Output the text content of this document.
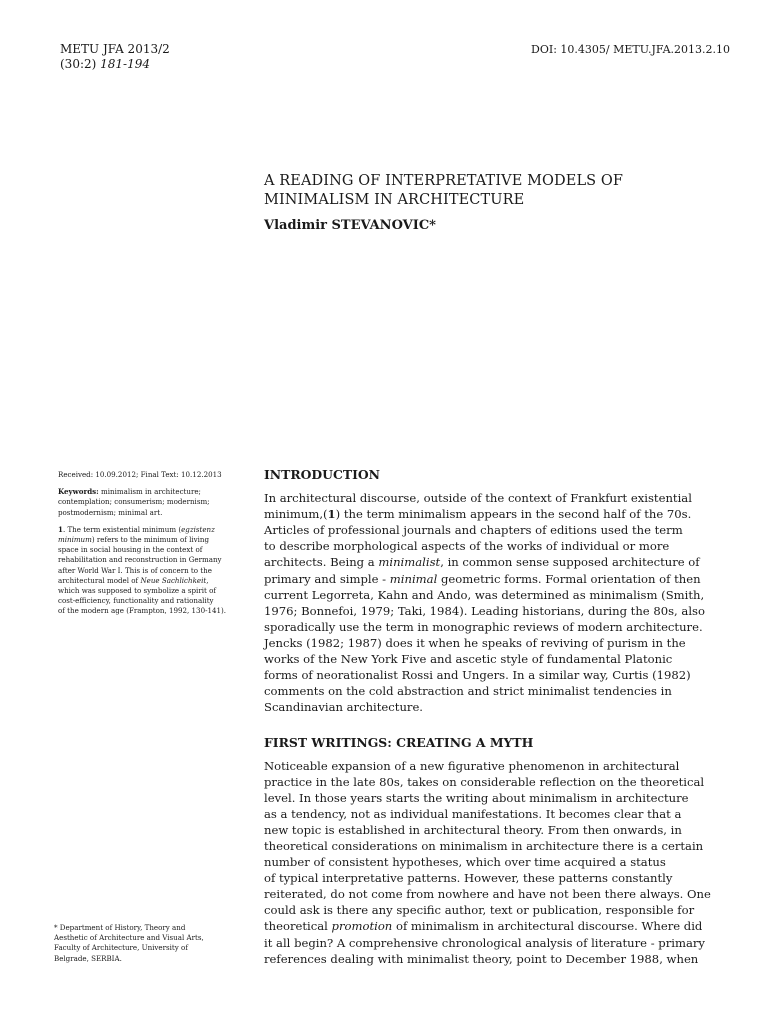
METU JFA 2013/2
(30:2) 181-194
DOI: 10.4305/ METU.JFA.2013.2.10
A READING OF INTERPRETATIVE MODELS OF
MINIMALISM IN ARCHITECTURE
Vladimir STEVANOVIC*
Received: 10.09.2012; Final Text: 10.12.2013
Keywords: minimalism in architecture;
contemplation; consumerism; modernism;
postmodernism; minimal art.
1. The term existential minimum (egzistenz
minimum) refers to the minimum of living
space in social housing in the context of
rehabilitation and reconstruction in Germany
after World War I. This is of concern to the
architectural model of Neue Sachlichkeit,
which was supposed to symbolize a spirit of
cost-efficiency, functionality and rationality
of the modern age (Frampton, 1992, 130-141).
* Department of History, Theory and
Aesthetic of Architecture and Visual Arts,
Faculty of Architecture, University of
Belgrade, SERBIA.
INTRODUCTION
In architectural discourse, outside of the context of Frankfurt existential
minimum,(1) the term minimalism appears in the second half of the 70s.
Articles of professional journals and chapters of editions used the term
to describe morphological aspects of the works of individual or more
architects. Being a minimalist, in common sense supposed architecture of
primary and simple - minimal geometric forms. Formal orientation of then
current Legorreta, Kahn and Ando, was determined as minimalism (Smith,
1976; Bonnefoi, 1979; Taki, 1984). Leading historians, during the 80s, also
sporadically use the term in monographic reviews of modern architecture.
Jencks (1982; 1987) does it when he speaks of reviving of purism in the
works of the New York Five and ascetic style of fundamental Platonic
forms of neorationalist Rossi and Ungers. In a similar way, Curtis (1982)
comments on the cold abstraction and strict minimalist tendencies in
Scandinavian architecture.
FIRST WRITINGS: CREATING A MYTH
Noticeable expansion of a new figurative phenomenon in architectural
practice in the late 80s, takes on considerable reflection on the theoretical
level. In those years starts the writing about minimalism in architecture
as a tendency, not as individual manifestations. It becomes clear that a
new topic is established in architectural theory. From then onwards, in
theoretical considerations on minimalism in architecture there is a certain
number of consistent hypotheses, which over time acquired a status
of typical interpretative patterns. However, these patterns constantly
reiterated, do not come from nowhere and have not been there always. One
could ask is there any specific author, text or publication, responsible for
theoretical promotion of minimalism in architectural discourse. Where did
it all begin? A comprehensive chronological analysis of literature - primary
references dealing with minimalist theory, point to December 1988, when
